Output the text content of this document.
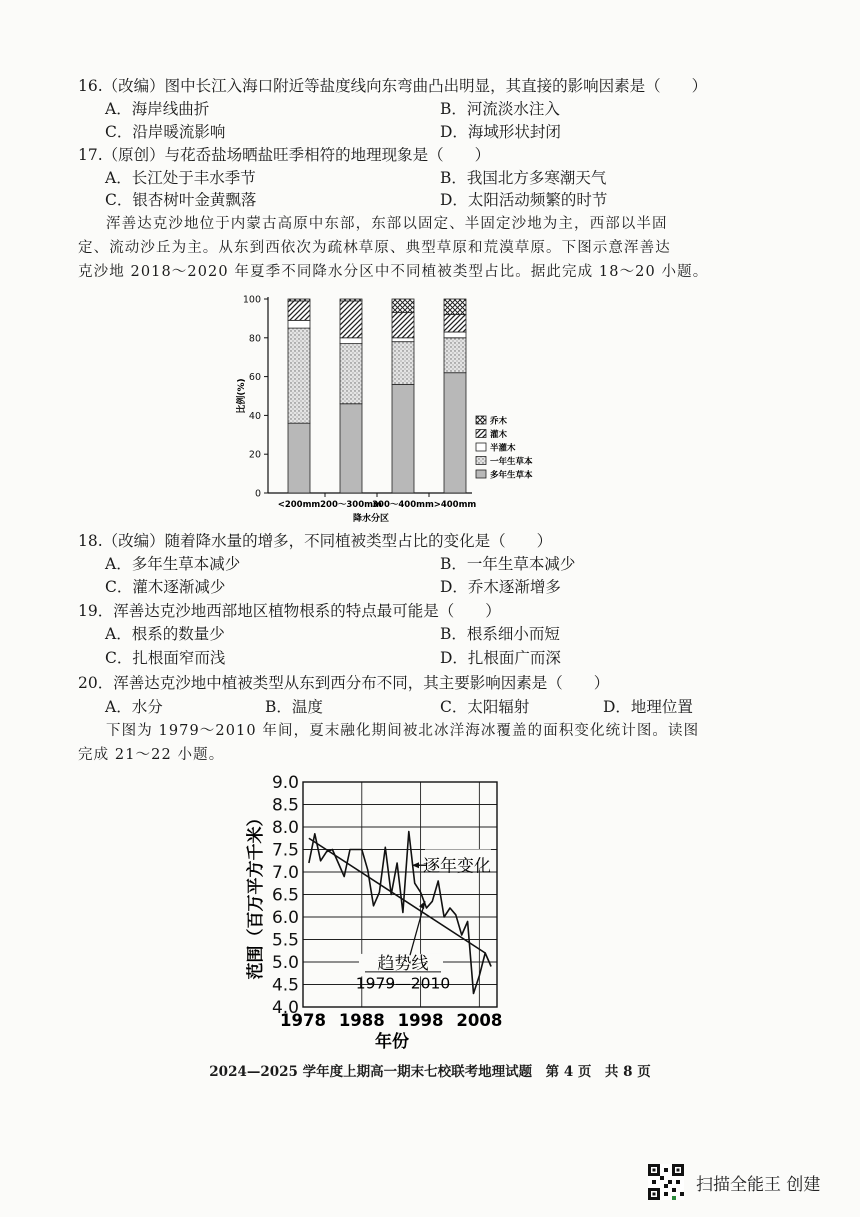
16.（改编）图中长江入海口附近等盐度线向东弯曲凸出明显，其直接的影响因素是（　　）
A．海岸线曲折	B．河流淡水注入
C．沿岸暖流影响	D．海域形状封闭
17.（原创）与花岙盐场晒盐旺季相符的地理现象是（　　）
A．长江处于丰水季节	B．我国北方多寒潮天气
C．银杏树叶金黄飘落	D．太阳活动频繁的时节
浑善达克沙地位于内蒙古高原中东部，东部以固定、半固定沙地为主，西部以半固
定、流动沙丘为主。从东到西依次为疏林草原、典型草原和荒漠草原。下图示意浑善达
克沙地 2018～2020 年夏季不同降水分区中不同植被类型占比。据此完成 18～20 小题。
0
20
40
60
80
100
比例(%)
<200mm 200～300mm
300～400mm >400mm
降水分区
乔木
灌木
半灌木
一年生草本
多年生草本
18.（改编）随着降水量的增多，不同植被类型占比的变化是（　　）
A．多年生草本减少	B．一年生草本减少
C．灌木逐渐减少	D．乔木逐渐增多
19．浑善达克沙地西部地区植物根系的特点最可能是（　　）
A．根系的数量少	B．根系细小而短
C．扎根面窄而浅	D．扎根面广而深
20．浑善达克沙地中植被类型从东到西分布不同，其主要影响因素是（　　）
A．水分	B．温度	C．太阳辐射	D．地理位置
下图为 1979～2010 年间，夏末融化期间被北冰洋海冰覆盖的面积变化统计图。读图
完成 21～22 小题。
4.0
4.5
5.0
5.5
6.0
6.5
7.0
7.5
8.0
8.5
9.0
1978 1988 1998 2008
范围（百万平方千米）
年份
逐年变化
趋势线
1979—2010
2024—2025 学年度上期高一期末七校联考地理试题　第 4 页　共 8 页
扫描全能王 创建
